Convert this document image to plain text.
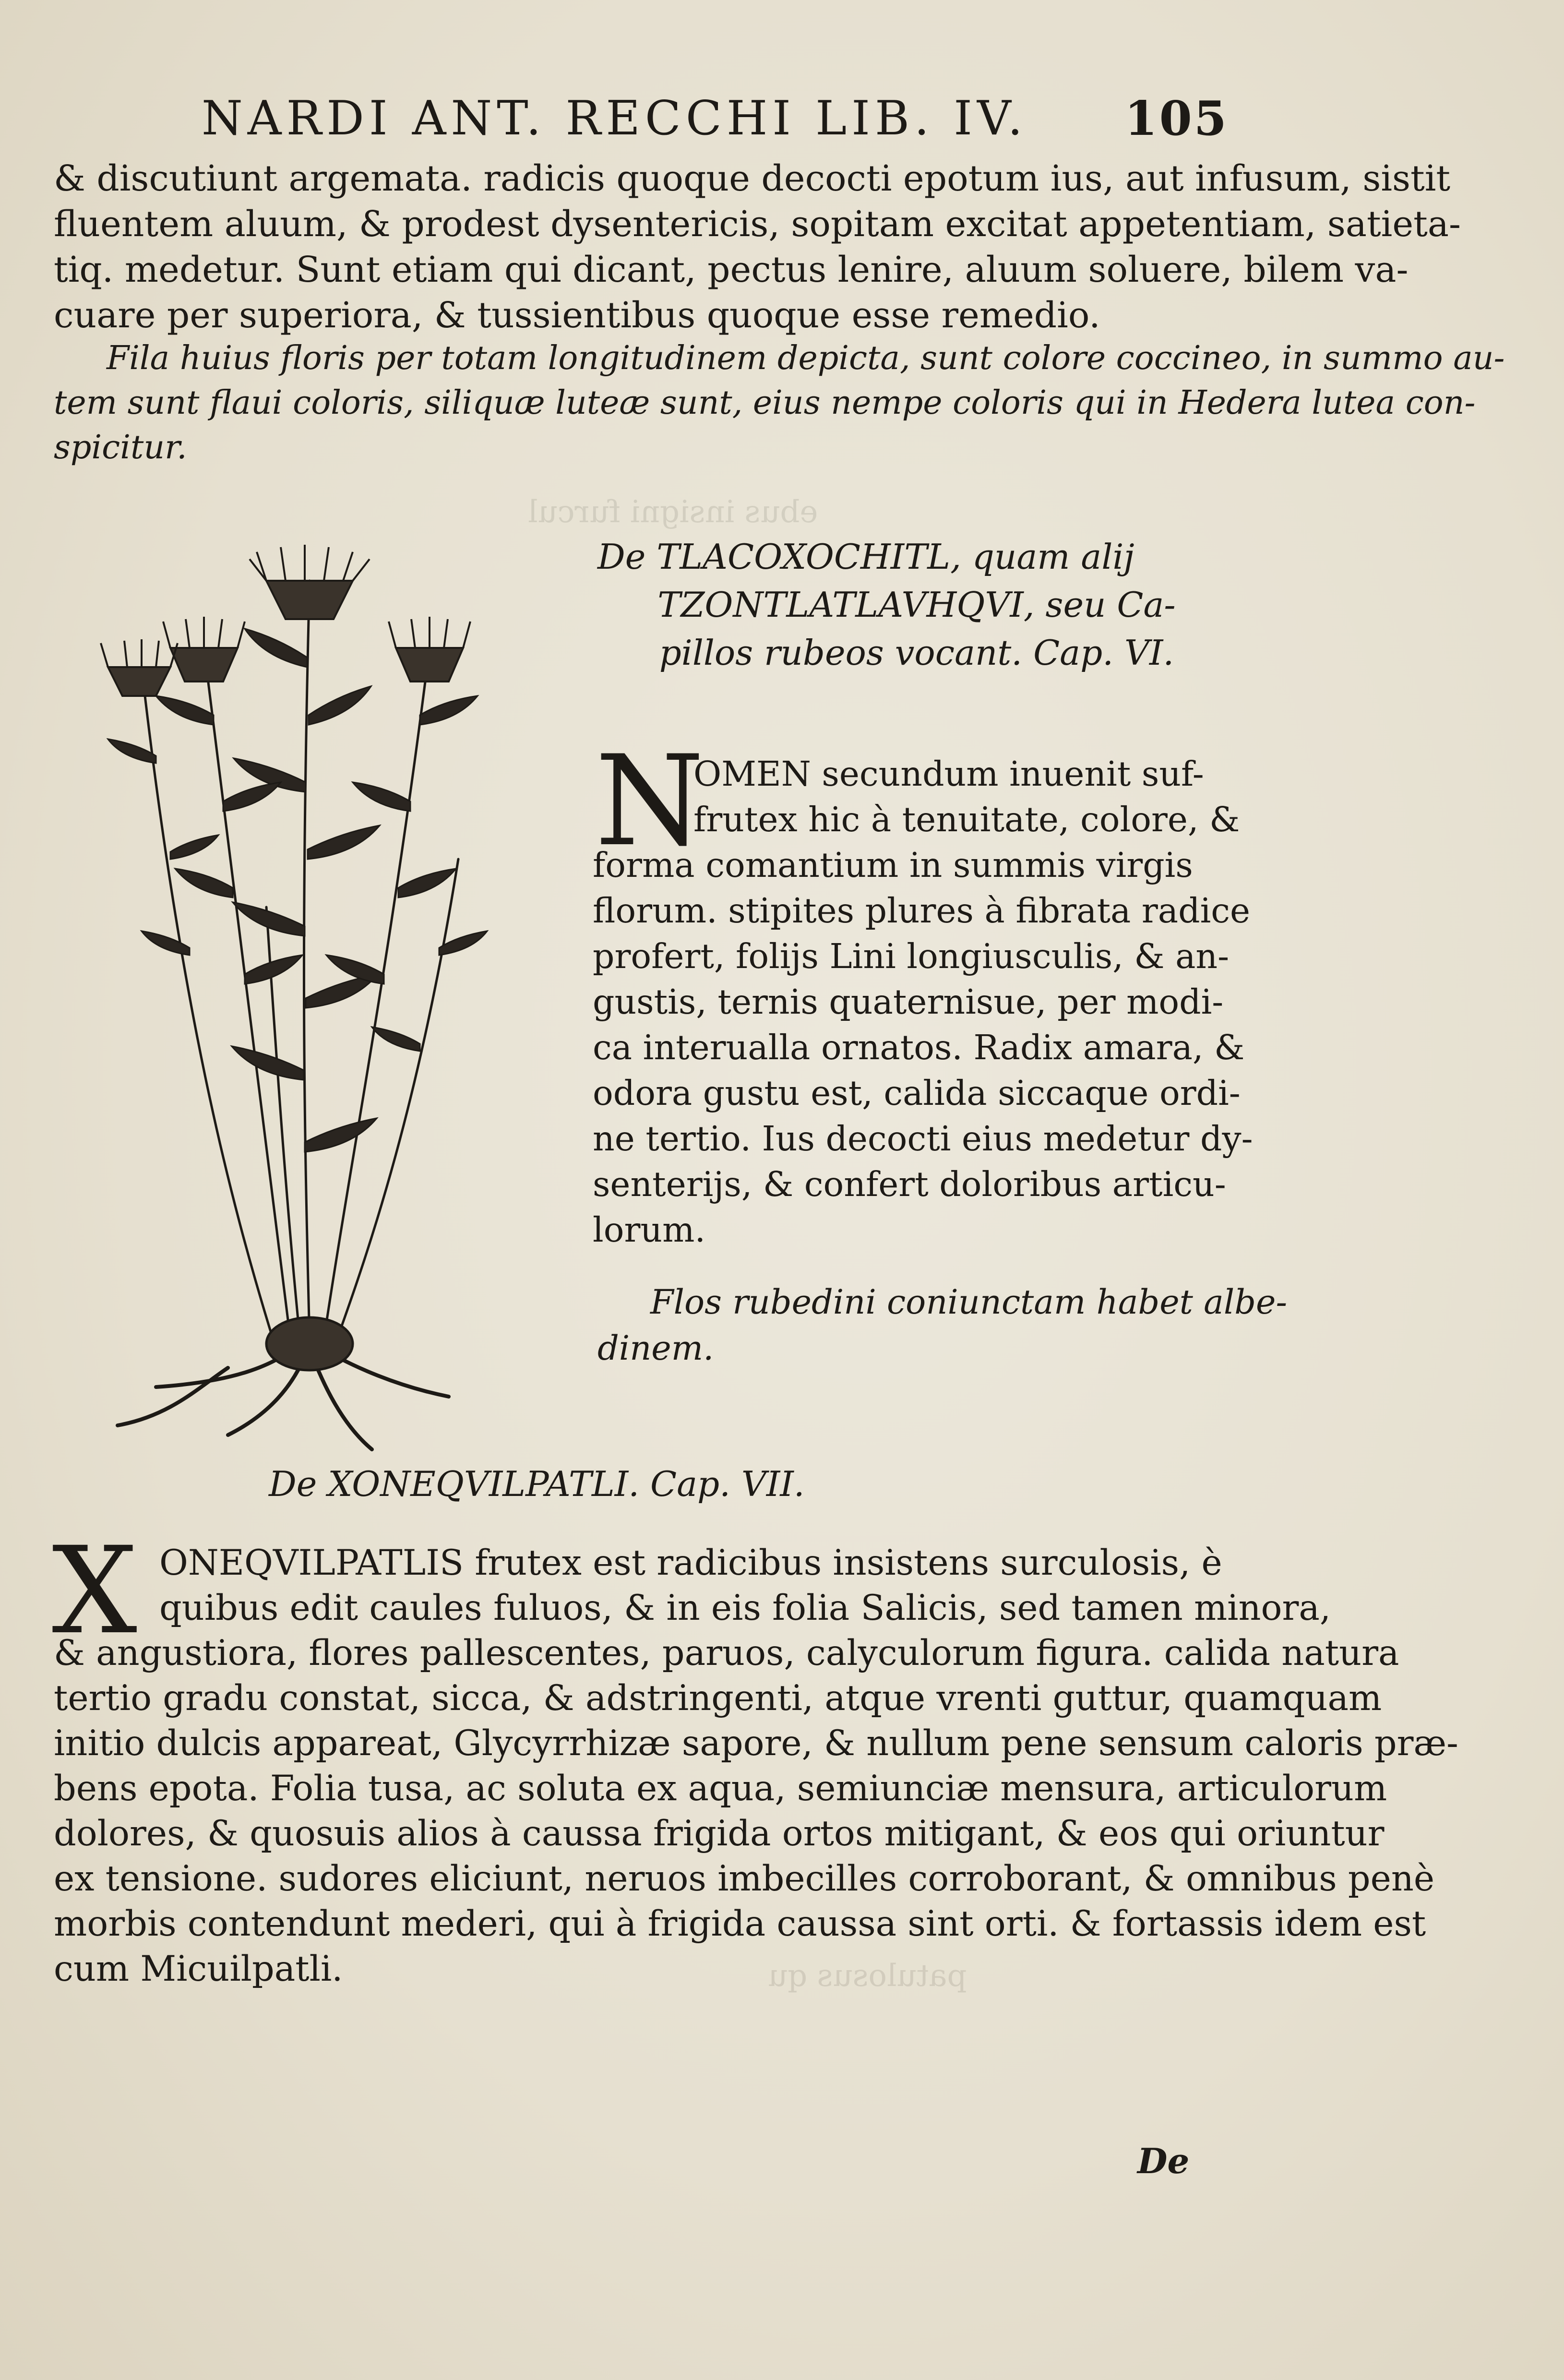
ebus insigni furcul
patulosus qu
NARDI ANT. RECCHI LIB. IV. 105
& discutiunt argemata. radicis quoque decocti epotum ius, aut infusum, sistit
fluentem aluum, & prodest dysentericis, sopitam excitat appetentiam, satieta-
tiq. medetur. Sunt etiam qui dicant, pectus lenire, aluum soluere, bilem va-
cuare per superiora, & tussientibus quoque esse remedio.
Fila huius floris per totam longitudinem depicta, sunt colore coccineo, in summo au-
tem sunt flaui coloris, siliquæ luteæ sunt, eius nempe coloris qui in Hedera lutea con-
spicitur.
De TLACOXOCHITL, quam alij
TZONTLATLAVHQVI, seu Ca-
pillos rubeos vocant. Cap. VI.
N
OMEN secundum inuenit suf-
frutex hic à tenuitate, colore, &
forma comantium in summis virgis
florum. stipites plures à fibrata radice
profert, folijs Lini longiusculis, & an-
gustis, ternis quaternisue, per modi-
ca interualla ornatos. Radix amara, &
odora gustu est, calida siccaque ordi-
ne tertio. Ius decocti eius medetur dy-
senterijs, & confert doloribus articu-
lorum.
Flos rubedini coniunctam habet albe-
dinem.
De XONEQVILPATLI. Cap. VII.
X ONEQVILPATLIS frutex est radicibus insistens surculosis, è
quibus edit caules fuluos, & in eis folia Salicis, sed tamen minora,
& angustiora, flores pallescentes, paruos, calyculorum figura. calida natura
tertio gradu constat, sicca, & adstringenti, atque vrenti guttur, quamquam
initio dulcis appareat, Glycyrrhizæ sapore, & nullum pene sensum caloris præ-
bens epota. Folia tusa, ac soluta ex aqua, semiunciæ mensura, articulorum
dolores, & quosuis alios à caussa frigida ortos mitigant, & eos qui oriuntur
ex tensione. sudores eliciunt, neruos imbecilles corroborant, & omnibus penè
morbis contendunt mederi, qui à frigida caussa sint orti. & fortassis idem est
cum Micuilpatli.
De
